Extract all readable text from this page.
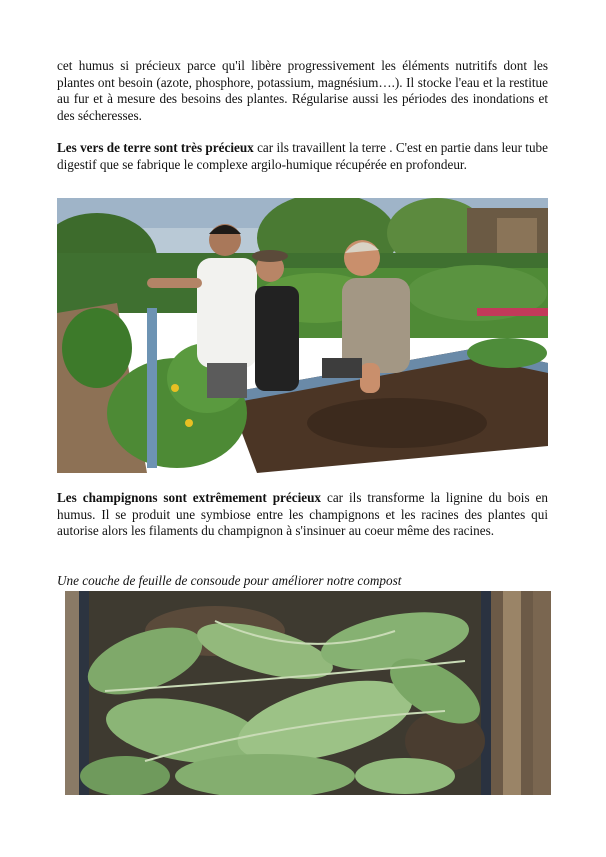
cet humus si précieux parce qu'il libère progressivement les éléments nutritifs dont les plantes ont besoin (azote, phosphore, potassium, magnésium….). Il stocke l'eau et la restitue au fur et à mesure des besoins des plantes. Régularise aussi les périodes des inondations et des sécheresses.

Les vers de terre sont très précieux car ils travaillent la terre . C'est en partie dans leur tube digestif que se fabrique le complexe argilo-humique récupérée en profondeur.

Les champignons sont extrêmement précieux car ils transforme la lignine du bois en humus. Il se produit une symbiose entre les champignons et les racines des plantes qui autorise alors les filaments du champignon à s'insinuer au coeur même des racines.

Une couche de feuille de consoude pour améliorer notre compost
